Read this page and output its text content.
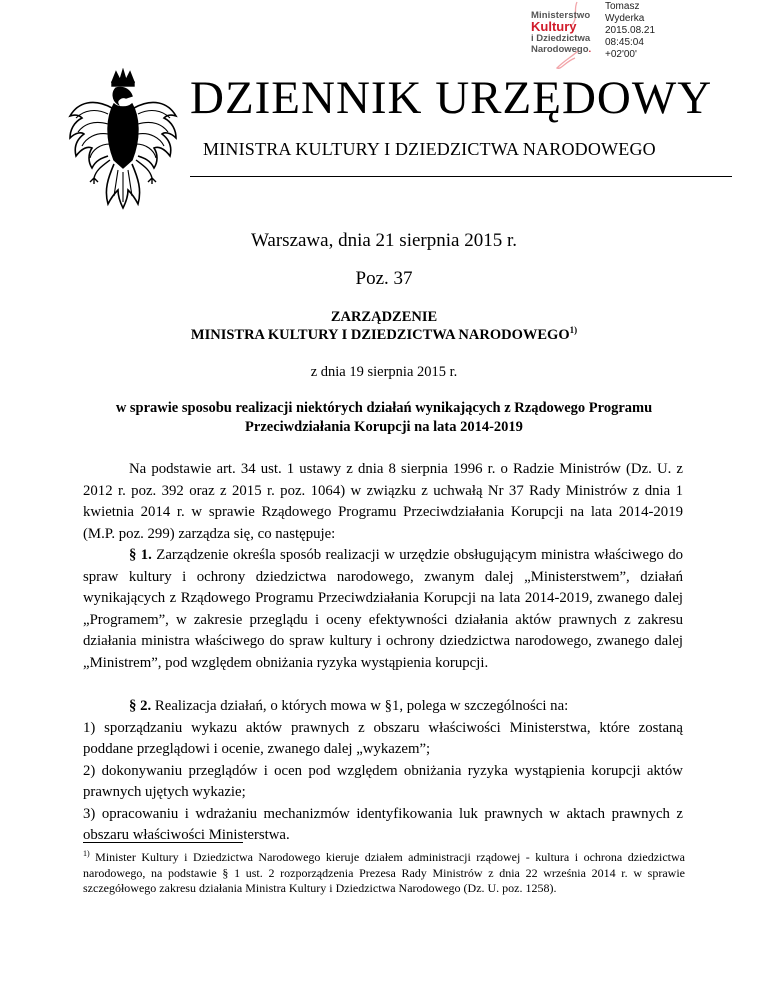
Ministerstwo
Kultury
i Dziedzictwa
Narodowego.
Tomasz
Wyderka
2015.08.21
08:45:04
+02'00'
DZIENNIK URZĘDOWY
MINISTRA KULTURY I DZIEDZICTWA NARODOWEGO
Warszawa, dnia 21 sierpnia 2015 r.
Poz. 37
ZARZĄDZENIE
MINISTRA KULTURY I DZIEDZICTWA NARODOWEGO$^{1)}$
z dnia 19 sierpnia 2015 r.
w sprawie sposobu realizacji niektórych działań wynikających z Rządowego Programu
Przeciwdziałania Korupcji na lata 2014-2019

Na podstawie art. 34 ust. 1 ustawy z dnia 8 sierpnia 1996 r. o Radzie Ministrów (Dz. U. z 2012 r. poz. 392 oraz z 2015 r. poz. 1064) w związku z uchwałą Nr 37 Rady Ministrów z dnia 1 kwietnia 2014 r. w sprawie Rządowego Programu Przeciwdziałania Korupcji na lata 2014-2019 (M.P. poz. 299) zarządza się, co następuje:

§ 1. Zarządzenie określa sposób realizacji w urzędzie obsługującym ministra właściwego do spraw kultury i ochrony dziedzictwa narodowego, zwanym dalej „Ministerstwem”, działań wynikających z Rządowego Programu Przeciwdziałania Korupcji na lata 2014-2019, zwanego dalej „Programem”, w zakresie przeglądu i oceny efektywności działania aktów prawnych z zakresu działania ministra właściwego do spraw kultury i ochrony dziedzictwa narodowego, zwanego dalej „Ministrem”, pod względem obniżania ryzyka wystąpienia korupcji.

§ 2. Realizacja działań, o których mowa w §1, polega w szczególności na:

1) sporządzaniu wykazu aktów prawnych z obszaru właściwości Ministerstwa, które zostaną poddane przeglądowi i ocenie, zwanego dalej „wykazem”;

2) dokonywaniu przeglądów i ocen pod względem obniżania ryzyka wystąpienia korupcji aktów prawnych ujętych wykazie;

3) opracowaniu i wdrażaniu mechanizmów identyfikowania luk prawnych w aktach prawnych z obszaru właściwości Ministerstwa.

$^{1)}$ Minister Kultury i Dziedzictwa Narodowego kieruje działem administracji rządowej - kultura i ochrona dziedzictwa narodowego, na podstawie § 1 ust. 2 rozporządzenia Prezesa Rady Ministrów z dnia 22 września 2014 r. w sprawie szczegółowego zakresu działania Ministra Kultury i Dziedzictwa Narodowego (Dz. U. poz. 1258).
